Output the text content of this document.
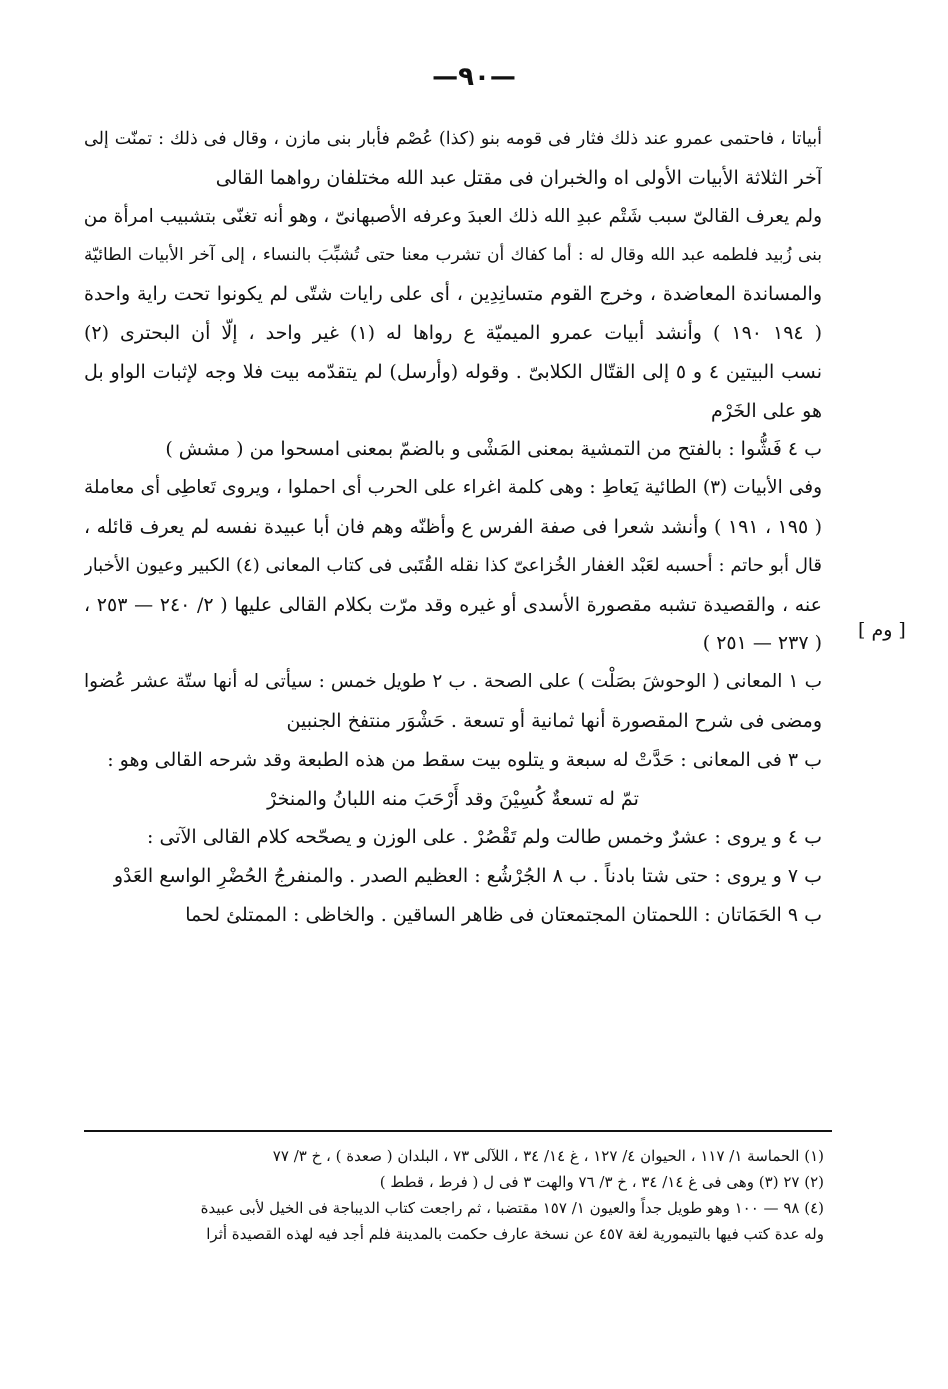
—٩٠—
[ وم ]
أبياتا ، فاحتمى عمرو عند ذلك فثار فى قومه بنو (كذا) عُصْم فأبار بنى مازن ، وقال فى ذلك : تمنّت إلى
آخر الثلاثة الأبيات الأولى اه والخبران فى مقتل عبد الله مختلفان رواهما القالى
ولم يعرف القالىّ سبب شَتْم عبدِ الله ذلك العبدَ وعرفه الأصبهانىّ ، وهو أنه تغنّى بتشبيب امرأة من
بنى زُبيد فلطمه عبد الله وقال له : أما كفاك أن تشرب معنا حتى تُشبِّبَ بالنساء ، إلى آخر الأبيات الطائيّة
والمساندة المعاضدة ، وخرج القوم متسانِدِين ، أى على رايات شتّى لم يكونوا تحت راية واحدة
( ١٩٤ ١٩٠ ) وأنشد أبيات عمرو الميميّة ع رواها له (١) غير واحد ، إلّا أن البحترى (٢)
نسب البيتين ٤ و ٥ إلى القتّال الكلابىّ . وقوله (وأرسل) لم يتقدّمه بيت فلا وجه لإثبات الواو بل
هو على الخَرْم
ب ٤ فَشُّوا : بالفتح من التمشية بمعنى المَشْى و بالضمّ بمعنى امسحوا من ( مشش )
وفى الأبيات (٣) الطائية يَعاطِ : وهى كلمة اغراء على الحرب أى احملوا ، ويروى تَعاطِى أى معاملة
( ١٩٥ ، ١٩١ ) وأنشد شعرا فى صفة الفرس ع وأظنّه وهم فان أبا عبيدة نفسه لم يعرف قائله ،
قال أبو حاتم : أحسبه لعَبْد الغفار الخُزاعىّ كذا نقله القُتَبى فى كتاب المعانى (٤) الكبير وعيون الأخبار
عنه ، والقصيدة تشبه مقصورة الأسدى أو غيره وقد مرّت بكلام القالى عليها ( ٢/ ٢٤٠ — ٢٥٣ ،
( ٢٣٧ — ٢٥١ )
ب ١ المعانى ( الوحوشَ بصَلْت ) على الصحة . ب ٢ طويل خمس : سيأتى له أنها ستّة عشر عُضوا
ومضى فى شرح المقصورة أنها ثمانية أو تسعة . حَشْوَر منتفخ الجنبين
ب ٣ فى المعانى : حَدَّتْ له سبعة و يتلوه بيت سقط من هذه الطبعة وقد شرحه القالى وهو :
تمّ له تسعةٌ كُسِيْنَ وقد أَرْحَبَ منه اللبانُ والمنخرْ
ب ٤ و يروى : عشرٌ وخمس طالت ولم تَقْصُرْ . على الوزن و يصحّحه كلام القالى الآتى :
ب ٧ و يروى : حتى شتا بادناً . ب ٨ الجُرْشُع : العظيم الصدر . والمنفرجُ الحُضْرِ الواسع العَدْو
ب ٩ الحَمَاتان : اللحمتان المجتمعتان فى ظاهر الساقين . والخاظى : الممتلئ لحما
(١) الحماسة ١/ ١١٧ ، الحيوان ٤/ ١٢٧ ، غ ١٤/ ٣٤ ، اللآلى ٧٣ ، البلدان ( صعدة ) ، خ ٣/ ٧٧
(٢) ٢٧ (٣) وهى فى غ ١٤/ ٣٤ ، خ ٣/ ٧٦ والهت ٣ فى ل ( فرط ، قطط )
(٤) ٩٨ — ١٠٠ وهو طويل جداً والعيون ١/ ١٥٧ مقتضبا ، ثم راجعت كتاب الديباجة فى الخيل لأبى عبيدة
وله عدة كتب فيها بالتيمورية لغة ٤٥٧ عن نسخة عارف حكمت بالمدينة فلم أجد فيه لهذه القصيدة أثرا
